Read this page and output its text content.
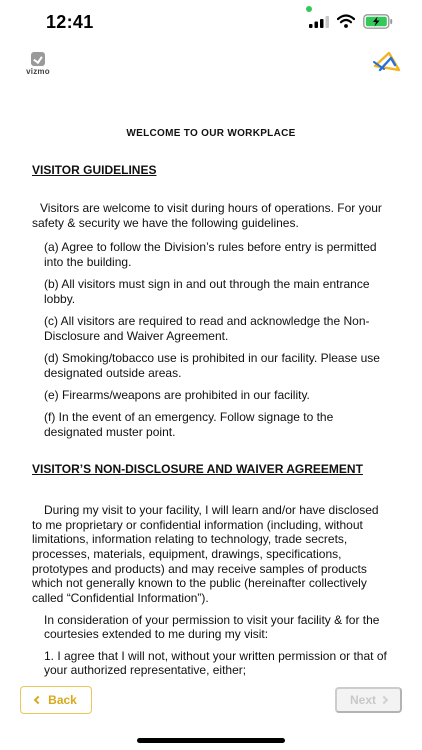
12:41
vizmo
WELCOME TO OUR WORKPLACE
VISITOR GUIDELINES

Visitors are welcome to visit during hours of operations. For your safety & security we have the following guidelines.

(a) Agree to follow the Division’s rules before entry is permitted into the building.

(b) All visitors must sign in and out through the main entrance lobby.

(c) All visitors are required to read and acknowledge the Non-Disclosure and Waiver Agreement.

(d) Smoking/tobacco use is prohibited in our facility. Please use designated outside areas.

(e) Firearms/weapons are prohibited in our facility.

(f) In the event of an emergency. Follow signage to the designated muster point.

VISITOR’S NON-DISCLOSURE AND WAIVER AGREEMENT

During my visit to your facility, I will learn and/or have disclosed to me proprietary or confidential information (including, without limitations, information relating to technology, trade secrets, processes, materials, equipment, drawings, specifications, prototypes and products) and may receive samples of products which not generally known to the public (hereinafter collectively called “Confidential Information”).

In consideration of your permission to visit your facility & for the courtesies extended to me during my visit:

1. I agree that I will not, without your written permission or that of your authorized representative, either;

Back	Next
